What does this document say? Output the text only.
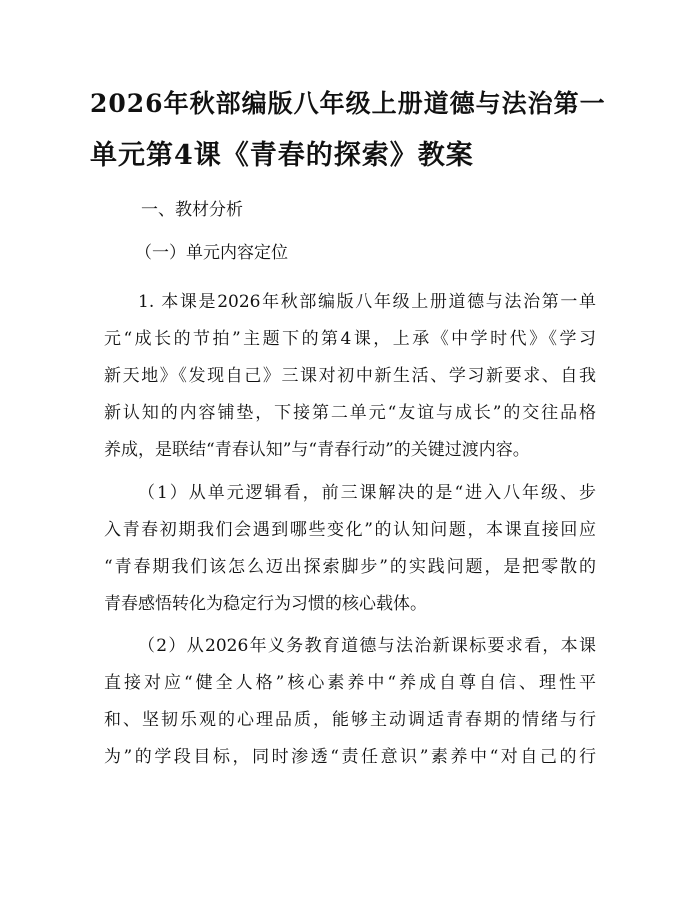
2026年秋部编版八年级上册道德与法治第一
单元第4课《青春的探索》教案
一、教材分析
（一）单元内容定位
1. 本课是2026年秋部编版八年级上册道德与法治第一单
元“成长的节拍”主题下的第4课，上承《中学时代》《学习
新天地》《发现自己》三课对初中新生活、学习新要求、自我
新认知的内容铺垫，下接第二单元“友谊与成长”的交往品格
养成，是联结“青春认知”与“青春行动”的关键过渡内容。
（1）从单元逻辑看，前三课解决的是“进入八年级、步
入青春初期我们会遇到哪些变化”的认知问题，本课直接回应
“青春期我们该怎么迈出探索脚步”的实践问题，是把零散的
青春感悟转化为稳定行为习惯的核心载体。
（2）从2026年义务教育道德与法治新课标要求看，本课
直接对应“健全人格”核心素养中“养成自尊自信、理性平
和、坚韧乐观的心理品质，能够主动调适青春期的情绪与行
为”的学段目标，同时渗透“责任意识”素养中“对自己的行
